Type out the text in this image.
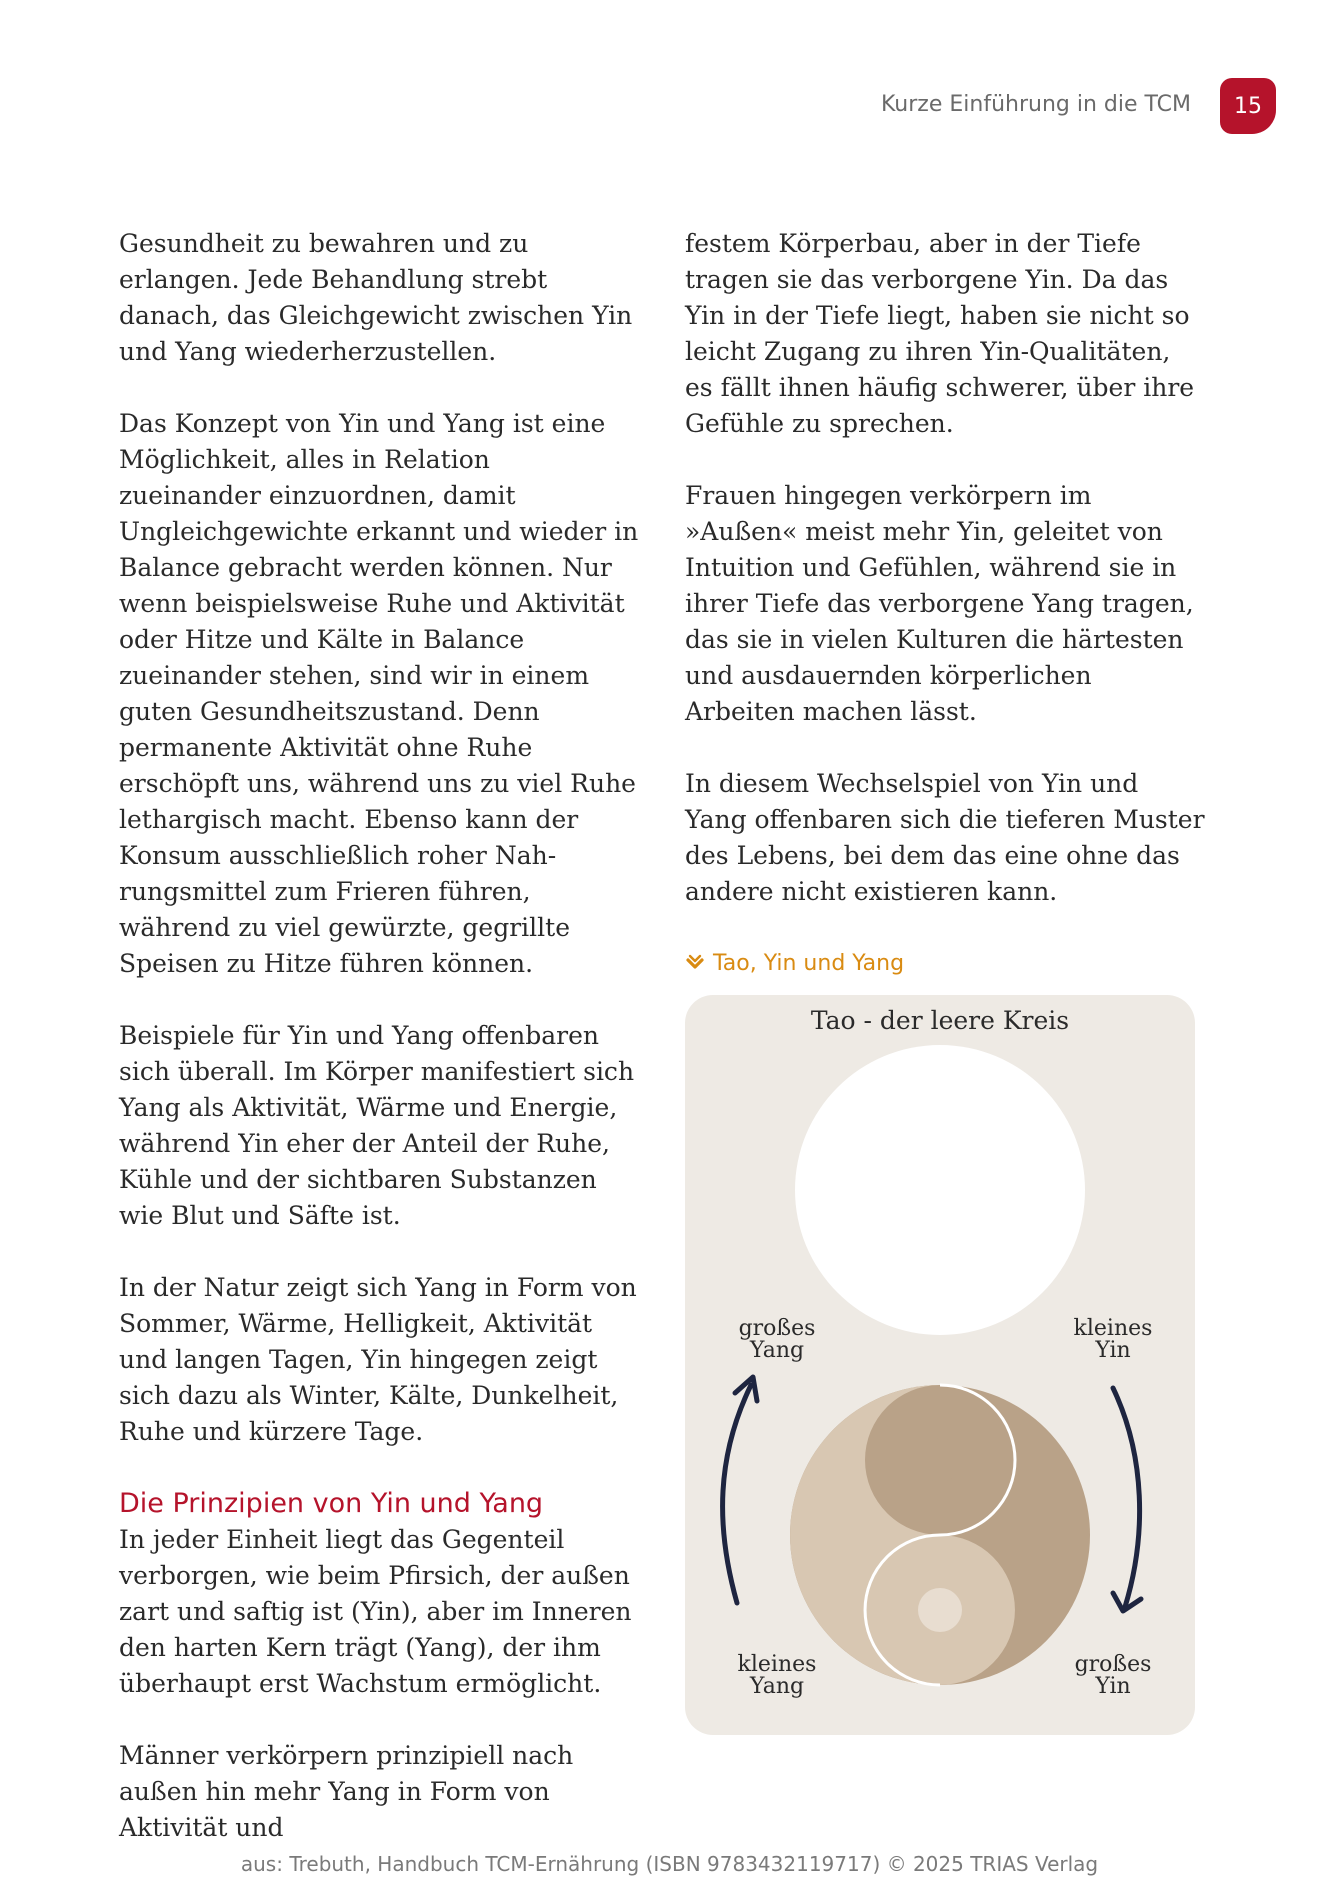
Kurze Einführung in die TCM	15

Gesundheit zu bewahren und zu erlangen. Jede Behandlung strebt danach, das Gleichgewicht zwischen Yin und Yang wiederherzustellen.

Das Konzept von Yin und Yang ist eine Möglichkeit, alles in Relation zueinander einzuordnen, damit Ungleichgewichte erkannt und wieder in Balance gebracht werden können. Nur wenn beispielsweise Ruhe und Aktivität oder Hitze und Kälte in Balance zueinander stehen, sind wir in einem guten Gesundheitszustand. Denn permanente Aktivität ohne Ruhe erschöpft uns, während uns zu viel Ruhe lethargisch macht. Ebenso kann der Konsum ausschließlich roher Nahrungsmittel zum Frieren führen, während zu viel gewürzte, gegrillte Speisen zu Hitze führen können.

Beispiele für Yin und Yang offenbaren sich überall. Im Körper manifestiert sich Yang als Aktivität, Wärme und Energie, während Yin eher der Anteil der Ruhe, Kühle und der sichtbaren Substanzen wie Blut und Säfte ist.

In der Natur zeigt sich Yang in Form von Sommer, Wärme, Helligkeit, Aktivität und langen Tagen, Yin hingegen zeigt sich dazu als Winter, Kälte, Dunkelheit, Ruhe und kürzere Tage.

Die Prinzipien von Yin und Yang

In jeder Einheit liegt das Gegenteil verborgen, wie beim Pfirsich, der außen zart und saftig ist (Yin), aber im Inneren den harten Kern trägt (Yang), der ihm überhaupt erst Wachstum ermöglicht.

Männer verkörpern prinzipiell nach außen hin mehr Yang in Form von Aktivität und

festem Körperbau, aber in der Tiefe tragen sie das verborgene Yin. Da das Yin in der Tiefe liegt, haben sie nicht so leicht Zugang zu ihren Yin-Qualitäten, es fällt ihnen häufig schwerer, über ihre Gefühle zu sprechen.

Frauen hingegen verkörpern im »Außen« meist mehr Yin, geleitet von Intuition und Gefühlen, während sie in ihrer Tiefe das verborgene Yang tragen, das sie in vielen Kulturen die härtesten und ausdauernden körperlichen Arbeiten machen lässt.

In diesem Wechselspiel von Yin und Yang offenbaren sich die tieferen Muster des Lebens, bei dem das eine ohne das andere nicht existieren kann.

Tao, Yin und Yang
Tao - der leere Kreis
großes
Yang
kleines
Yin
kleines
Yang
großes
Yin
aus: Trebuth, Handbuch TCM-Ernährung (ISBN 9783432119717) © 2025 TRIAS Verlag
